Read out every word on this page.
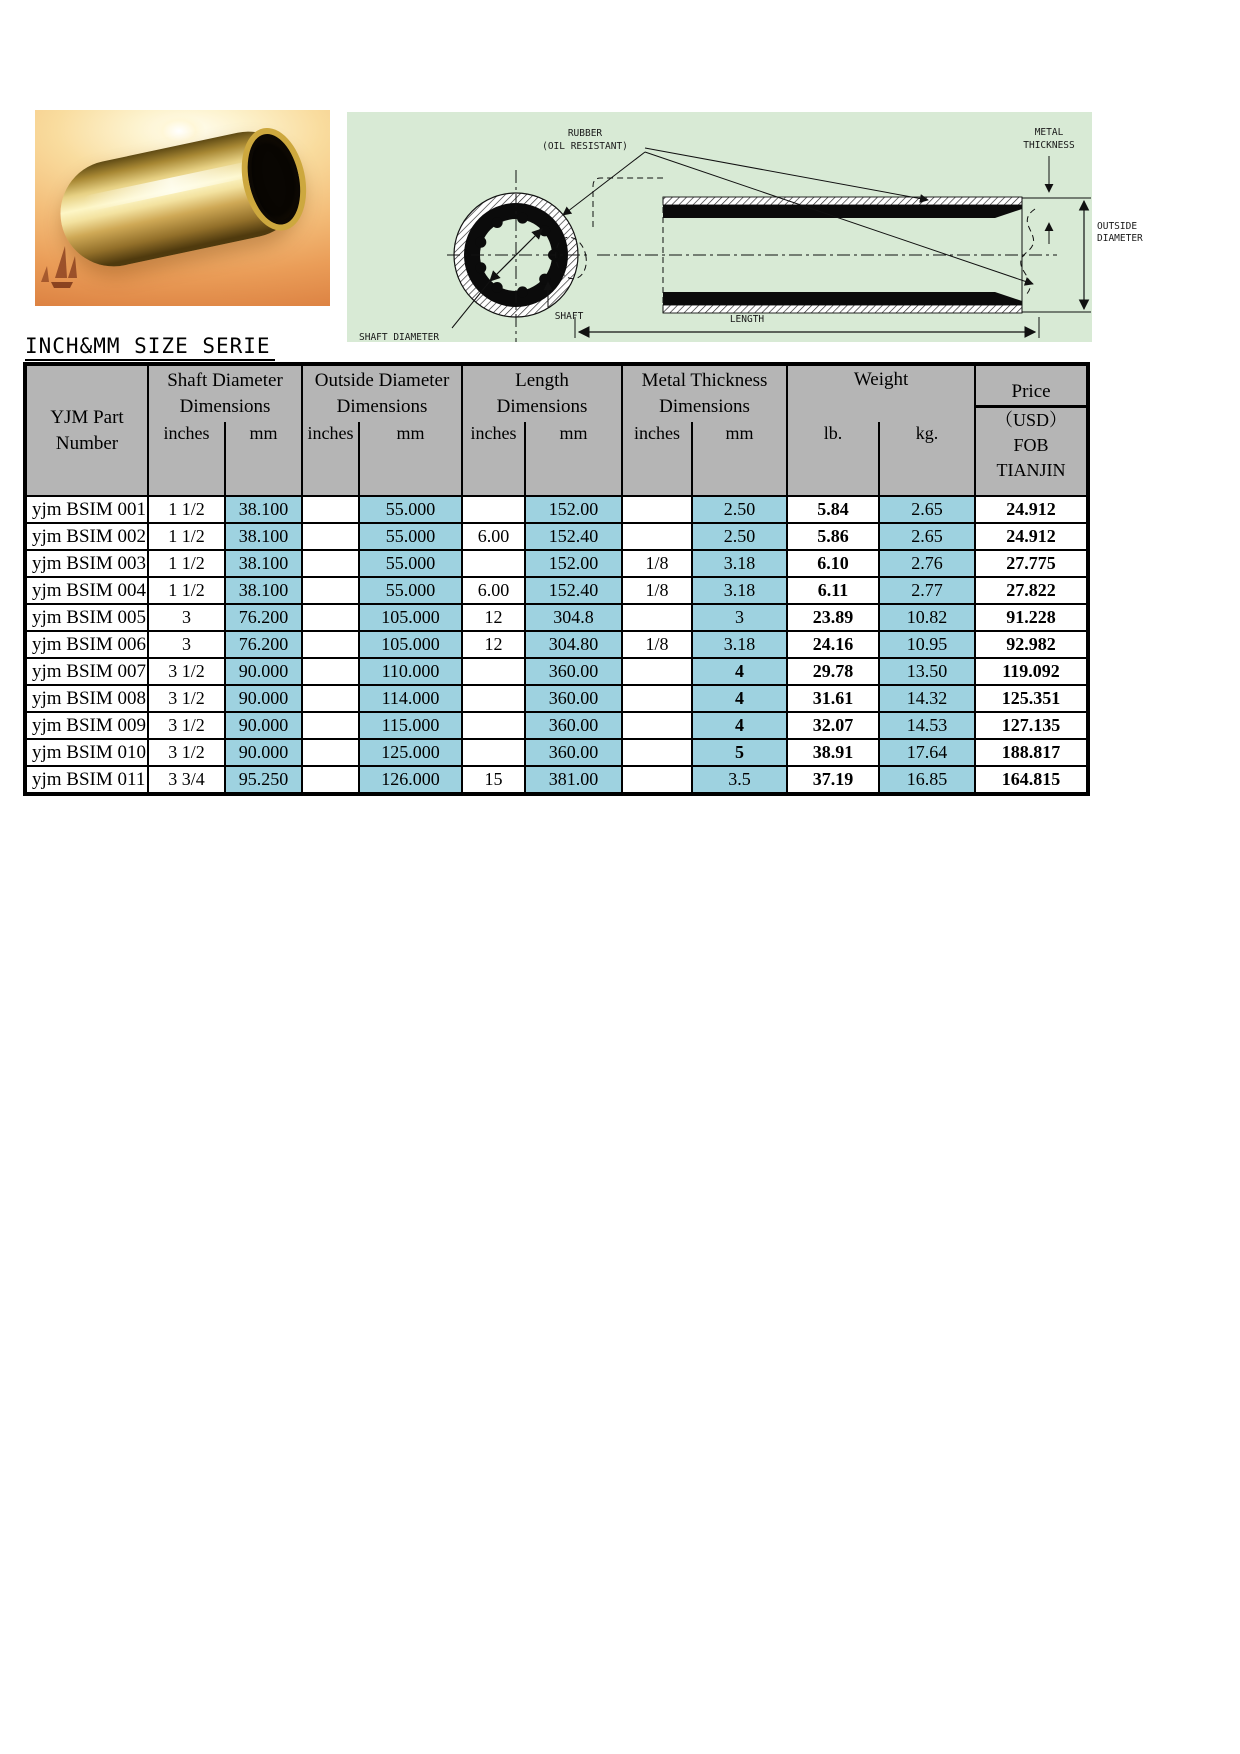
RUBBER
(OIL RESISTANT)
METAL
THICKNESS
LENGTH
SHAFT
SHAFT DIAMETER
OUTSIDE
DIAMETER
INCH&MM SIZE SERIE
YJM Part
Number

Shaft Diameter
Dimensions

Outside Diameter
Dimensions

Length
Dimensions

Metal Thickness
Dimensions
	Weight	
Price
（USD）
FOB
TIANJIN

	inches	mm	inches	mm	inches	mm	inches	mm	lb.	kg.	
yjm BSIM 001	1 1/2	38.100		55.000		152.00		2.50	5.84	2.65	24.912
yjm BSIM 002	1 1/2	38.100		55.000	6.00	152.40		2.50	5.86	2.65	24.912
yjm BSIM 003	1 1/2	38.100		55.000		152.00	1/8	3.18	6.10	2.76	27.775
yjm BSIM 004	1 1/2	38.100		55.000	6.00	152.40	1/8	3.18	6.11	2.77	27.822
yjm BSIM 005	3	76.200		105.000	12	304.8		3	23.89	10.82	91.228
yjm BSIM 006	3	76.200		105.000	12	304.80	1/8	3.18	24.16	10.95	92.982
yjm BSIM 007	3 1/2	90.000		110.000		360.00		4	29.78	13.50	119.092
yjm BSIM 008	3 1/2	90.000		114.000		360.00		4	31.61	14.32	125.351
yjm BSIM 009	3 1/2	90.000		115.000		360.00		4	32.07	14.53	127.135
yjm BSIM 010	3 1/2	90.000		125.000		360.00		5	38.91	17.64	188.817
yjm BSIM 011	3 3/4	95.250		126.000	15	381.00		3.5	37.19	16.85	164.815
